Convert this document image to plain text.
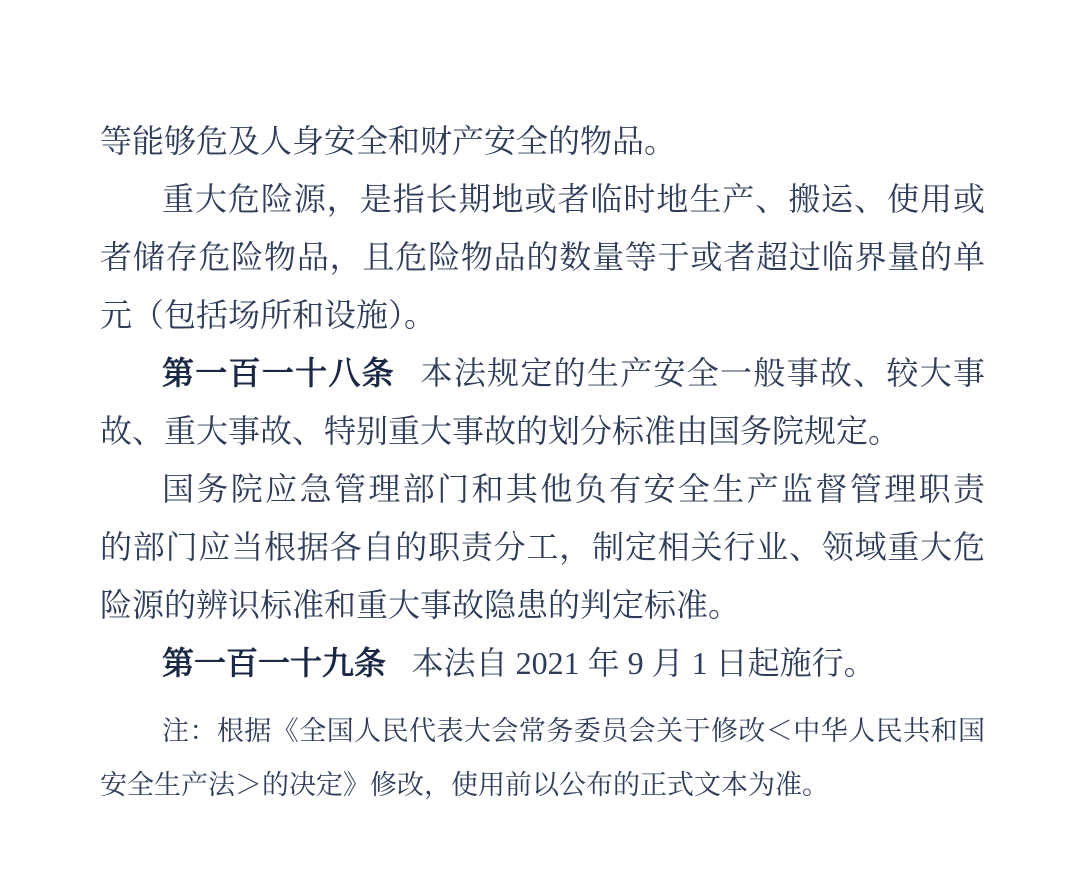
等能够危及人身安全和财产安全的物品。
重大危险源，是指长期地或者临时地生产、搬运、使用或
者储存危险物品，且危险物品的数量等于或者超过临界量的单
元（包括场所和设施）。
第一百一十八条 本法规定的生产安全一般事故、较大事
故、重大事故、特别重大事故的划分标准由国务院规定。
国务院应急管理部门和其他负有安全生产监督管理职责
的部门应当根据各自的职责分工，制定相关行业、领域重大危
险源的辨识标准和重大事故隐患的判定标准。
第一百一十九条 本法自 2021 年 9 月 1 日起施行。
注：根据《全国人民代表大会常务委员会关于修改＜中华人民共和国
安全生产法＞的决定》修改，使用前以公布的正式文本为准。
